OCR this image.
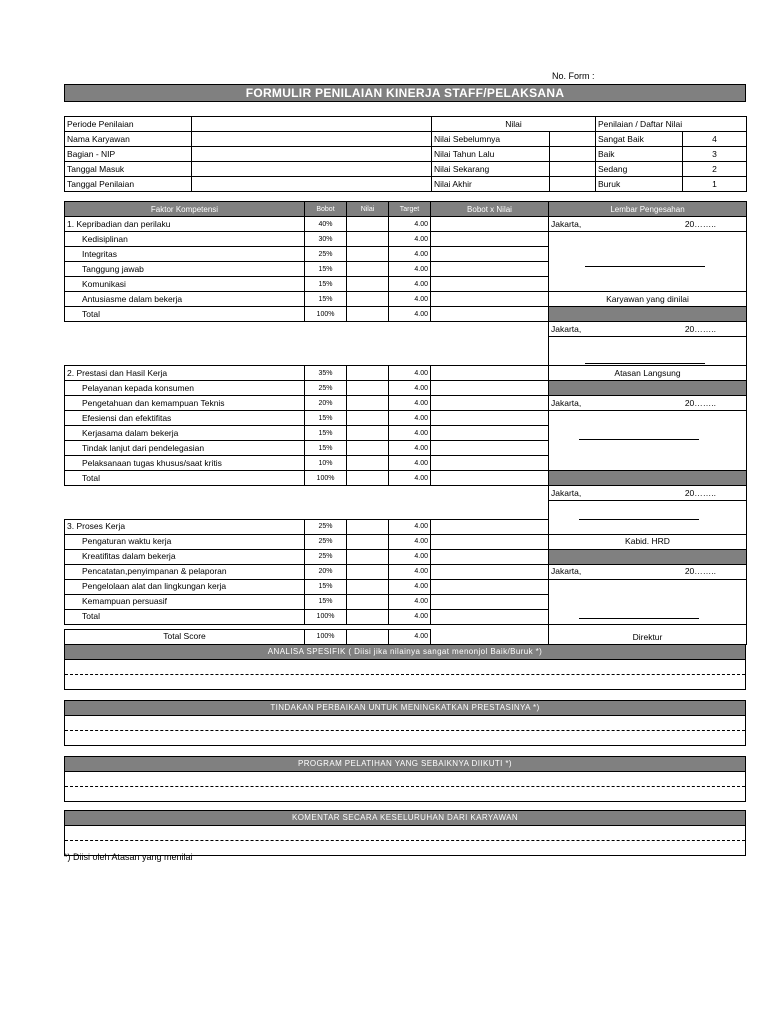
No. Form :
FORMULIR PENILAIAN KINERJA STAFF/PELAKSANA
Periode Penilaian		Nilai		Penilaian / Daftar Nilai	
Nama Karyawan		Nilai Sebelumnya		Sangat Baik	4
Bagian - NIP		Nilai Tahun Lalu		Baik	3
Tanggal Masuk		Nilai Sekarang		Sedang	2
Tanggal Penilaian		Nilai Akhir		Buruk	1
Faktor Kompetensi	Bobot	Nilai	Target	Bobot x Nilai	Lembar Pengesahan
1. Kepribadian dan perilaku	40%		4.00		Jakarta, 20……..

Kedisiplinan	30%		4.00		

Integritas	25%		4.00		
Tanggung jawab	15%		4.00		
Komunikasi	15%		4.00		
Antusiasme dalam bekerja	15%		4.00		Karyawan yang dinilai
Total	100%		4.00		
					Jakarta, 20……..

2. Prestasi dan Hasil Kerja	35%		4.00		Atasan Langsung
Pelayanan kepada konsumen	25%		4.00		
Pengetahuan dan kemampuan Teknis	20%		4.00		Jakarta, 20……..

Efesiensi dan efektifitas	15%		4.00		

Kerjasama dalam bekerja	15%		4.00		
Tindak lanjut dari pendelegasian	15%		4.00		
Pelaksanaan tugas khusus/saat kritis	10%		4.00		
Total	100%		4.00		
					Jakarta, 20……..

3. Proses Kerja	25%		4.00		
Pengaturan waktu kerja	25%		4.00		Kabid. HRD
Kreatifitas dalam bekerja	25%		4.00		
Pencatatan,penyimpanan & pelaporan	20%		4.00		Jakarta, 20……..

Pengelolaan alat dan lingkungan kerja	15%		4.00		

Kemampuan persuasif	15%		4.00		
Total	100%		4.00		
					Direktur
Total Score	100%		4.00		
ANALISA SPESIFIK ( Diisi jika nilainya sangat menonjol Baik/Buruk *)
TINDAKAN PERBAIKAN UNTUK MENINGKATKAN PRESTASINYA *)
PROGRAM PELATIHAN YANG SEBAIKNYA DIIKUTI *)
KOMENTAR SECARA KESELURUHAN DARI KARYAWAN
*) Diisi oleh Atasan yang menilai
